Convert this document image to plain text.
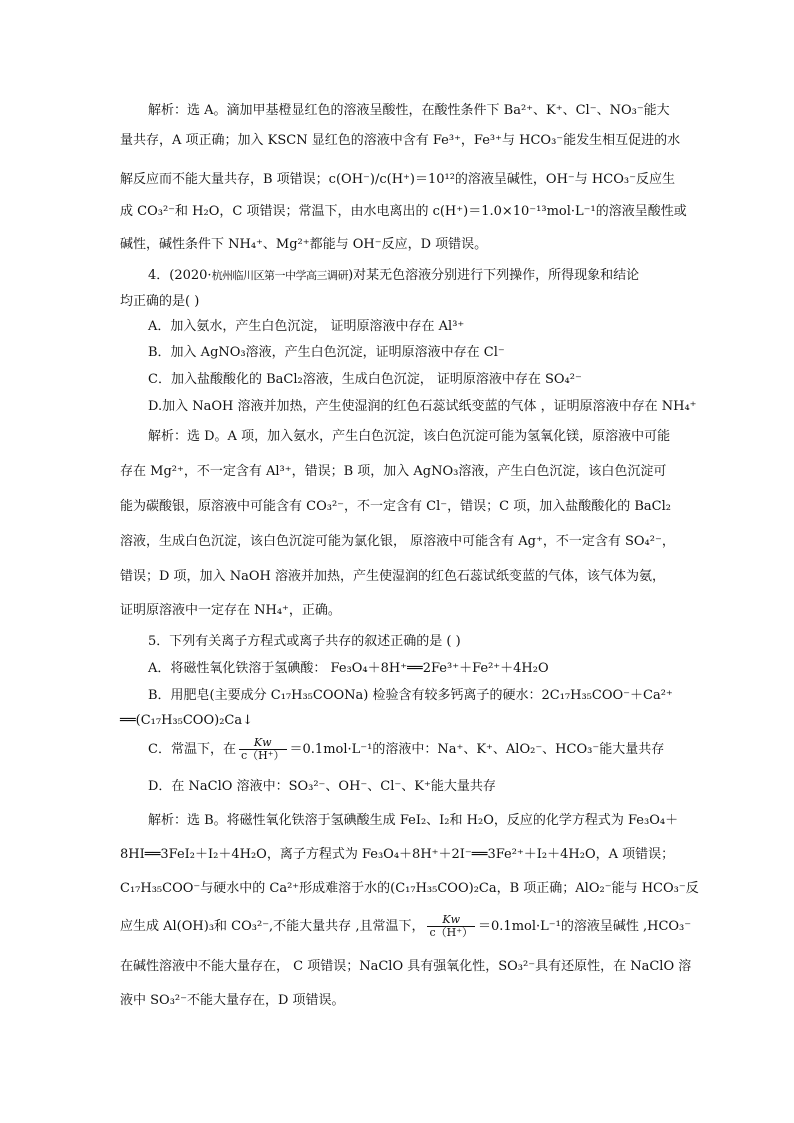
解析：选 A。滴加甲基橙显红色的溶液呈酸性，在酸性条件下 Ba²⁺、K⁺、Cl⁻、NO₃⁻能大
量共存，A 项正确；加入 KSCN 显红色的溶液中含有 Fe³⁺，Fe³⁺与 HCO₃⁻能发生相互促进的水
解反应而不能大量共存，B 项错误；c(OH⁻)/c(H⁺)＝10¹²的溶液呈碱性，OH⁻与 HCO₃⁻反应生
成 CO₃²⁻和 H₂O，C 项错误；常温下，由水电离出的 c(H⁺)＝1.0×10⁻¹³mol·L⁻¹的溶液呈酸性或
碱性，碱性条件下 NH₄⁺、Mg²⁺都能与 OH⁻反应，D 项错误。
4．(2020·杭州临川区第一中学高三调研)对某无色溶液分别进行下列操作，所得现象和结论
均正确的是( )
A．加入氨水，产生白色沉淀， 证明原溶液中存在 Al³⁺
B．加入 AgNO₃溶液，产生白色沉淀，证明原溶液中存在 Cl⁻
C．加入盐酸酸化的 BaCl₂溶液，生成白色沉淀， 证明原溶液中存在 SO₄²⁻
D.加入 NaOH 溶液并加热，产生使湿润的红色石蕊试纸变蓝的气体 ，证明原溶液中存在 NH₄⁺
解析：选 D。A 项，加入氨水，产生白色沉淀，该白色沉淀可能为氢氧化镁，原溶液中可能
存在 Mg²⁺，不一定含有 Al³⁺，错误；B 项，加入 AgNO₃溶液，产生白色沉淀，该白色沉淀可
能为碳酸银，原溶液中可能含有 CO₃²⁻，不一定含有 Cl⁻，错误；C 项，加入盐酸酸化的 BaCl₂
溶液，生成白色沉淀，该白色沉淀可能为氯化银， 原溶液中可能含有 Ag⁺，不一定含有 SO₄²⁻，
错误；D 项，加入 NaOH 溶液并加热，产生使湿润的红色石蕊试纸变蓝的气体，该气体为氨，
证明原溶液中一定存在 NH₄⁺，正确。
5．下列有关离子方程式或离子共存的叙述正确的是 ( )
A．将磁性氧化铁溶于氢碘酸： Fe₃O₄＋8H⁺══2Fe³⁺＋Fe²⁺＋4H₂O
B．用肥皂(主要成分 C₁₇H₃₅COONa) 检验含有较多钙离子的硬水：2C₁₇H₃₅COO⁻＋Ca²⁺
══(C₁₇H₃₅COO)₂Ca↓
C．常温下，在 $\frac{Kw}{c(H^+)} =0.1mol\cdot L^{-1}$的溶液中：Na⁺、K⁺、AlO₂⁻、HCO₃⁻能大量共存
D．在 NaClO 溶液中：SO₃²⁻、OH⁻、Cl⁻、K⁺能大量共存
解析：选 B。将磁性氧化铁溶于氢碘酸生成 FeI₂、I₂和 H₂O，反应的化学方程式为 Fe₃O₄＋
8HI══3FeI₂＋I₂＋4H₂O，离子方程式为 Fe₃O₄＋8H⁺＋2I⁻══3Fe²⁺＋I₂＋4H₂O，A 项错误；
C₁₇H₃₅COO⁻与硬水中的 Ca²⁺形成难溶于水的(C₁₇H₃₅COO)₂Ca，B 项正确；AlO₂⁻能与 HCO₃⁻反
应生成 Al(OH)₃和 CO₃²⁻,不能大量共存 ,且常温下， $\frac{Kw}{c(H^+)} =0.1mol\cdot L^{-1}$的溶液呈碱性 ,HCO₃⁻
在碱性溶液中不能大量存在， C 项错误；NaClO 具有强氧化性，SO₃²⁻具有还原性，在 NaClO 溶
液中 SO₃²⁻不能大量存在，D 项错误。
